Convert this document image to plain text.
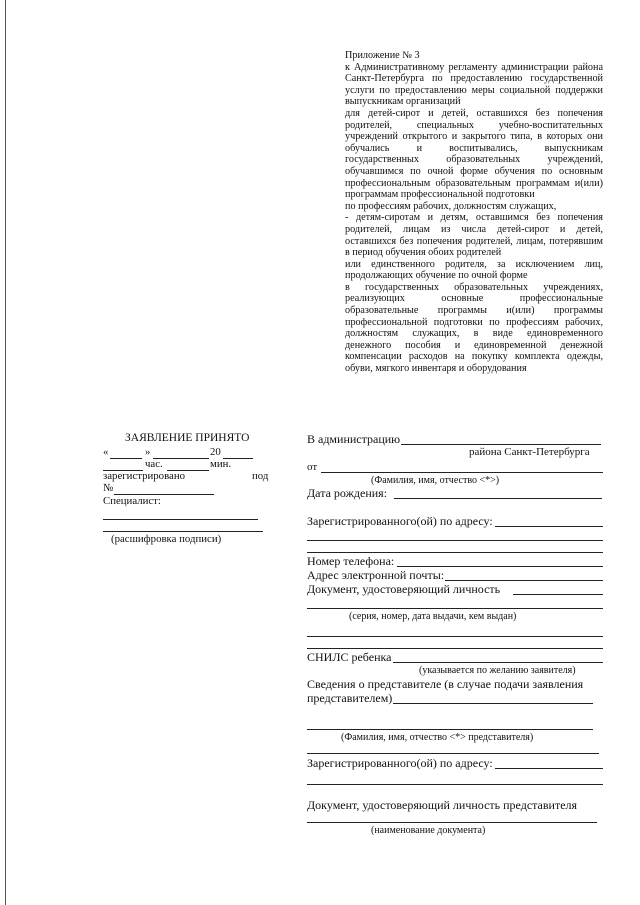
Приложение № 3

к Административному регламенту администрации района Санкт-Петербурга по предоставлению государственной услуги по предоставлению меры социальной поддержки выпускникам организаций

для детей-сирот и детей, оставшихся без попечения родителей, специальных учебно-воспитательных учреждений открытого и закрытого типа, в которых они обучались и воспитывались, выпускникам государственных образовательных учреждений, обучавшимся по очной форме обучения по основным профессиональным образовательным программам и(или) программам профессиональной подготовки

по профессиям рабочих, должностям служащих,

- детям-сиротам и детям, оставшимся без попечения родителей, лицам из числа детей-сирот и детей, оставшихся без попечения родителей, лицам, потерявшим в период обучения обоих родителей

или единственного родителя, за исключением лиц, продолжающих обучение по очной форме

в государственных образовательных учреждениях, реализующих основные профессиональные образовательные программы и(или) программы профессиональной подготовки по профессиям рабочих, должностям служащих, в виде единовременного денежного пособия и единовременной денежной компенсации расходов на покупку комплекта одежды, обуви, мягкого инвентаря и оборудования

ЗАЯВЛЕНИЕ ПРИНЯТО
«	»	20
час.	мин.
зарегистрировано	под
№
Специалист:
(расшифровка подписи)
В администрацию
района Санкт-Петербурга
от
(Фамилия, имя, отчество <*>)
Дата рождения:
Зарегистрированного(ой) по адресу:
Номер телефона:
Адрес электронной почты:
Документ, удостоверяющий личность
(серия, номер, дата выдачи, кем выдан)
СНИЛС ребенка
(указывается по желанию заявителя)
Сведения о представителе (в случае подачи заявления
представителем)
(Фамилия, имя, отчество <*> представителя)
Зарегистрированного(ой) по адресу:
Документ, удостоверяющий личность представителя
(наименование документа)
